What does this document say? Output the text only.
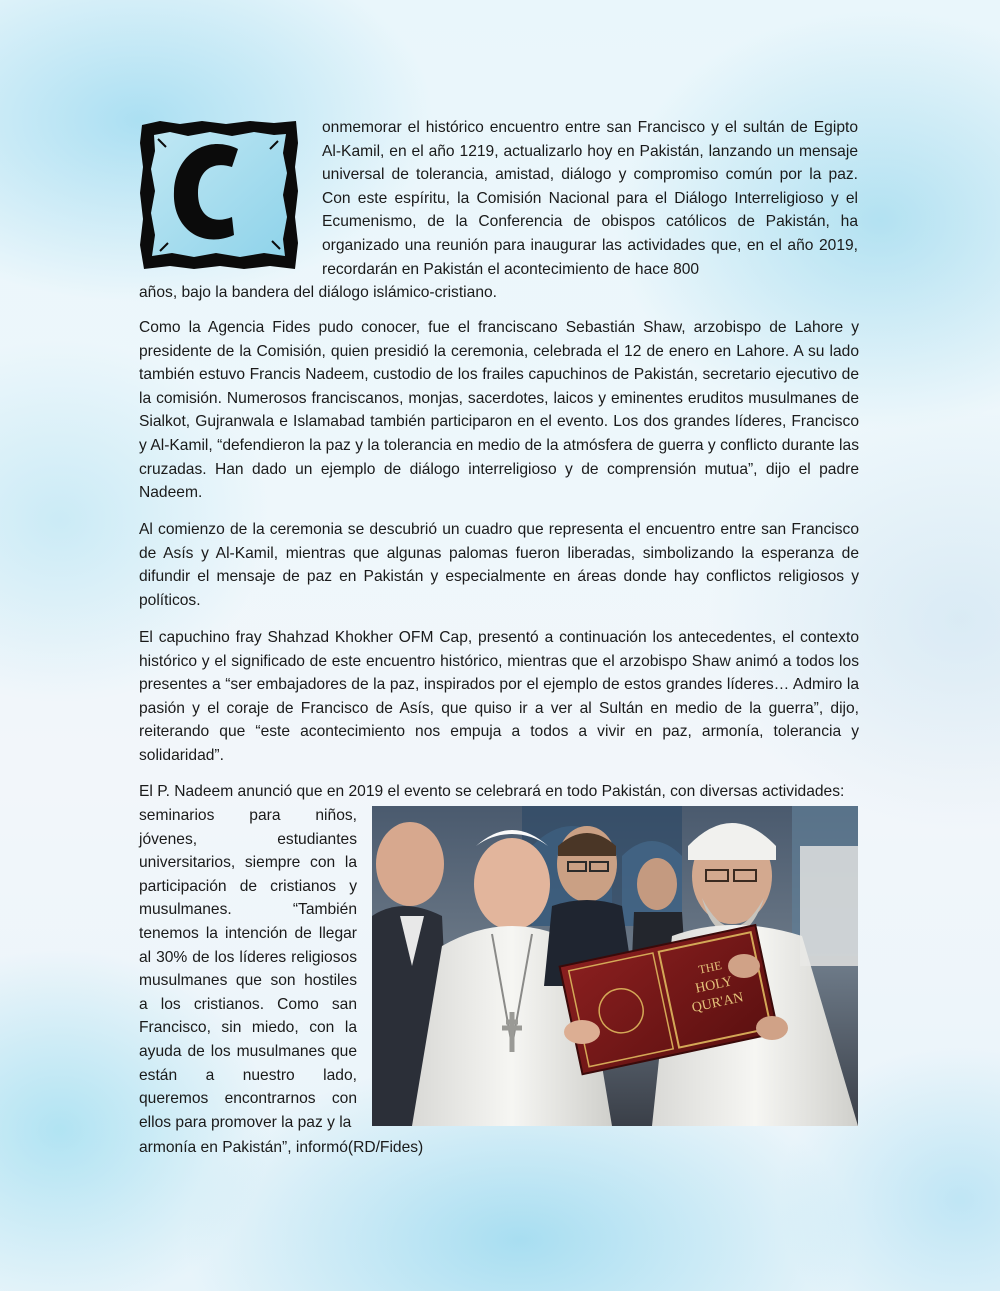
onmemorar el histórico encuentro entre san Francisco y el sultán de Egipto Al-Kamil, en el año 1219, actualizarlo hoy en Pakistán, lanzando un mensaje universal de tolerancia, amistad, diálogo y compromiso común por la paz. Con este espíritu, la Comisión Nacional para el Diálogo Interreligioso y el Ecumenismo, de la Conferencia de obispos católicos de Pakistán, ha organizado una reunión para inaugurar las actividades que, en el año 2019, recordarán en Pakistán el acontecimiento de hace 800

años, bajo la bandera del diálogo islámico-cristiano.

Como la Agencia Fides pudo conocer, fue el franciscano Sebastián Shaw, arzobispo de Lahore y presidente de la Comisión, quien presidió la ceremonia, celebrada el 12 de enero en Lahore. A su lado también estuvo Francis Nadeem, custodio de los frailes capuchinos de Pakistán, secretario ejecutivo de la comisión. Numerosos franciscanos, monjas, sacerdotes, laicos y eminentes eruditos musulmanes de Sialkot, Gujranwala e Islamabad también participaron en el evento. Los dos grandes líderes, Francisco y Al-Kamil, “defendieron la paz y la tolerancia en medio de la atmósfera de guerra y conflicto durante las cruzadas. Han dado un ejemplo de diálogo interreligioso y de comprensión mutua”, dijo el padre Nadeem.

Al comienzo de la ceremonia se descubrió un cuadro que representa el encuentro entre san Francisco de Asís y Al-Kamil, mientras que algunas palomas fueron liberadas, simbolizando la esperanza de difundir el mensaje de paz en Pakistán y especialmente en áreas donde hay conflictos religiosos y políticos.

El capuchino fray Shahzad Khokher OFM Cap, presentó a continuación los antecedentes, el contexto histórico y el significado de este encuentro histórico, mientras que el arzobispo Shaw animó a todos los presentes a “ser embajadores de la paz, inspirados por el ejemplo de estos grandes líderes… Admiro la pasión y el coraje de Francisco de Asís, que quiso ir a ver al Sultán en medio de la guerra”, dijo, reiterando que “este acontecimiento nos empuja a todos a vivir en paz, armonía, tolerancia y solidaridad”.

El P. Nadeem anunció que en 2019 el evento se celebrará en todo Pakistán, con diversas actividades:

seminarios para niños, jóvenes, estudiantes universitarios, siempre con la participación de cristianos y musulmanes. “También tenemos la intención de llegar al 30% de los líderes religiosos musulmanes que son hostiles a los cristianos. Como san Francisco, sin miedo, con la ayuda de los musulmanes que están a nuestro lado, queremos encontrarnos con ellos para promover la paz y la

armonía en Pakistán”, informó(RD/Fides)

THE
HOLY
QUR'AN
